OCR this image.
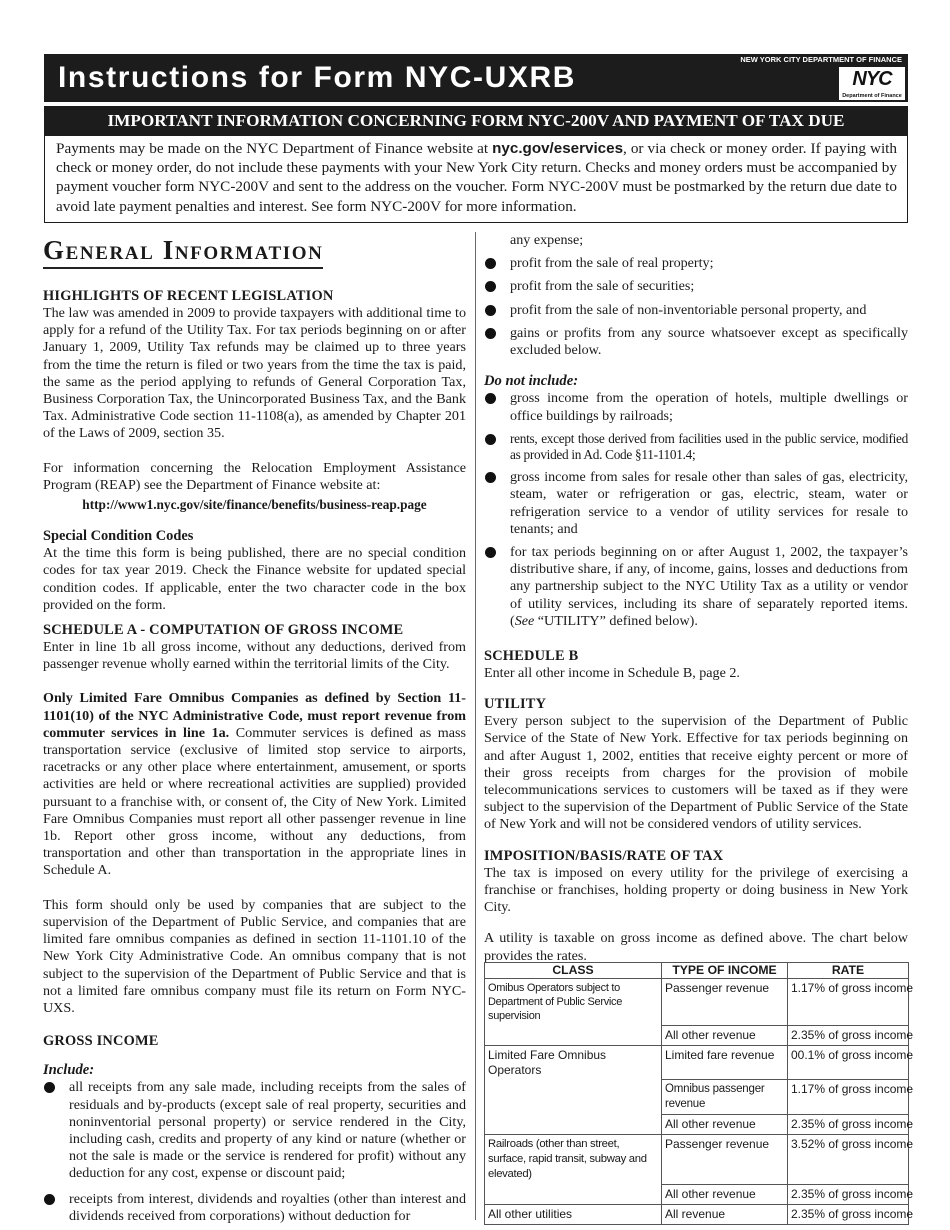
Instructions for Form NYC-UXRB
NEW YORK CITY DEPARTMENT OF FINANCE
NYC
Department of Finance
IMPORTANT INFORMATION CONCERNING FORM NYC-200V AND PAYMENT OF TAX DUE
Payments may be made on the NYC Department of Finance website at nyc.gov/eservices, or via check or money order. If paying with check or money order, do not include these payments with your New York City return. Checks and money orders must be accompanied by payment voucher form NYC-200V and sent to the address on the voucher. Form NYC-200V must be postmarked by the return due date to avoid late payment penalties and interest. See form NYC-200V for more information.
General Information
HIGHLIGHTS OF RECENT LEGISLATION

The law was amended in 2009 to provide taxpayers with additional time to apply for a refund of the Utility Tax. For tax periods beginning on or after January 1, 2009, Utility Tax refunds may be claimed up to three years from the time the return is filed or two years from the time the tax is paid, the same as the period applying to refunds of General Corporation Tax, Business Corporation Tax, the Unincorporated Business Tax, and the Bank Tax. Administrative Code section 11-1108(a), as amended by Chapter 201 of the Laws of 2009, section 35.

For information concerning the Relocation Employment Assistance Program (REAP) see the Department of Finance website at:

http://www1.nyc.gov/site/finance/benefits/business-reap.page

Special Condition Codes

At the time this form is being published, there are no special condition codes for tax year 2019. Check the Finance website for updated special condition codes. If applicable, enter the two character code in the box provided on the form.

SCHEDULE A - COMPUTATION OF GROSS INCOME

Enter in line 1b all gross income, without any deductions, derived from passenger revenue wholly earned within the territorial limits of the City.

Only Limited Fare Omnibus Companies as defined by Section 11-1101(10) of the NYC Administrative Code, must report revenue from commuter services in line 1a. Commuter services is defined as mass transportation service (exclusive of limited stop service to airports, racetracks or any other place where entertainment, amusement, or sports activities are held or where recreational activities are supplied) provided pursuant to a franchise with, or consent of, the City of New York. Limited Fare Omnibus Companies must report all other passenger revenue in line 1b. Report other gross income, without any deductions, from transportation and other than transportation in the appropriate lines in Schedule A.

This form should only be used by companies that are subject to the supervision of the Department of Public Service, and companies that are limited fare omnibus companies as defined in section 11-1101.10 of the New York City Administrative Code. An omnibus company that is not subject to the supervision of the Department of Public Service and that is not a limited fare omnibus company must file its return on Form NYC-UXS.

GROSS INCOME
Include:
all receipts from any sale made, including receipts from the sales of residuals and by-products (except sale of real property, securities and noninventorial personal property) or service rendered in the City, including cash, credits and property of any kind or nature (whether or not the sale is made or the service is rendered for profit) without any deduction for any cost, expense or discount paid;
receipts from interest, dividends and royalties (other than interest and dividends received from corporations) without deduction for

any expense;

profit from the sale of real property;
profit from the sale of securities;
profit from the sale of non-inventoriable personal property, and
gains or profits from any source whatsoever except as specifically excluded below.
Do not include:
gross income from the operation of hotels, multiple dwellings or office buildings by railroads;
rents, except those derived from facilities used in the public service, modified as provided in Ad. Code §11-1101.4;
gross income from sales for resale other than sales of gas, electricity, steam, water or refrigeration or gas, electric, steam, water or refrigeration service to a vendor of utility services for resale to tenants; and
for tax periods beginning on or after August 1, 2002, the taxpayer’s distributive share, if any, of income, gains, losses and deductions from any partnership subject to the NYC Utility Tax as a utility or vendor of utility services, including its share of separately reported items. (See “UTILITY” defined below).
SCHEDULE B

Enter all other income in Schedule B, page 2.

UTILITY

Every person subject to the supervision of the Department of Public Service of the State of New York. Effective for tax periods beginning on and after August 1, 2002, entities that receive eighty percent or more of their gross receipts from charges for the provision of mobile telecommunications services to customers will be taxed as if they were subject to the supervision of the Department of Public Service of the State of New York and will not be considered vendors of utility services.

IMPOSITION/BASIS/RATE OF TAX

The tax is imposed on every utility for the privilege of exercising a franchise or franchises, holding property or doing business in New York City.

A utility is taxable on gross income as defined above. The chart below provides the rates.

CLASS	TYPE OF INCOME	RATE
Omibus Operators subject to Department of Public Service supervision	Passenger revenue	1.17% of gross income
	All other revenue	2.35% of gross income
Limited Fare Omnibus Operators	Limited fare revenue	00.1% of gross income
	Omnibus passenger revenue	1.17% of gross income
	All other revenue	2.35% of gross income
Railroads (other than street, surface, rapid transit, subway and elevated)	Passenger revenue	3.52% of gross income
	All other revenue	2.35% of gross income
All other utilities	All revenue	2.35% of gross income
